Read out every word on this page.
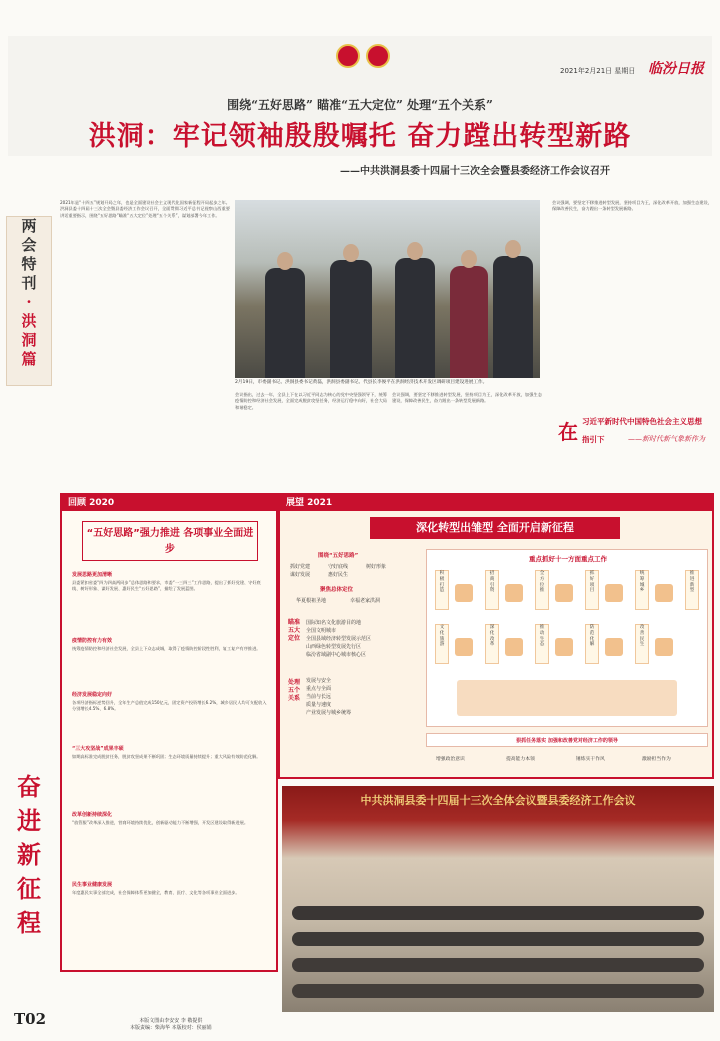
2021年2月21日 星期日 临汾日报
围绕“五好思路” 瞄准“五大定位” 处理“五个关系”
洪洞：牢记领袖殷殷嘱托 奋力蹚出转型新路
——中共洪洞县委十四届十三次全会暨县委经济工作会议召开
两
会
特
刊
·
洪
洞
篇
奋
进
新
征
程
2021年是“十四五”规划开局之年，也是全面建设社会主义现代化国家新征程开局起步之年。洪洞县委十四届十三次全会暨县委经济工作会议召开，全面贯彻习近平总书记视察山西重要讲话重要指示，围绕“五好思路”瞄准“五大定位”处理“五个关系”，谋划部署今年工作。
会议指出，过去一年，全县上下在以习近平同志为核心的党中央坚强领导下，统筹疫情防控和经济社会发展，全面完成脱贫攻坚任务，经济运行稳中向好，社会大局和谐稳定。
会议强调，要坚定不移推进转型发展，坚持项目为王，深化改革开放，加强生态建设，保障改善民生，奋力蹚出一条转型发展新路。
会议强调，要坚定不移推进转型发展，坚持项目为王，深化改革开放，加强生态建设，保障改善民生，奋力蹚出一条转型发展新路。
2月19日，市委副书记、洪洞县委书记黄磊，洪洞县委副书记、代县长李俊平在洪洞经济技术开发区调研项目建设进展工作。
在 习近平新时代中国特色社会主义思想
指引下	——新时代新气象新作为
回顾 2020
“五好思路”强力推进 各项事业全面进步
发展思路更加清晰
县委紧扣省委“四为四高两同步”总体思路和要求，市委“一三四三”工作思路，提出了抓好党建、守好底线、树好形象、谋好发展、惠好民生“五好思路”，描绘了发展蓝图。
疫情防控有力有效
统筹疫情防控和经济社会发展，全县上下众志成城，取得了疫情防控阶段性胜利，复工复产有序推进。
经济发展稳定向好
各项经济指标逆势回升，全年生产总值完成150亿元，固定资产投资增长6.2%，城乡居民人均可支配收入分别增长4.5%、6.8%。
“三大攻坚战”成果丰硕
如期高标准完成脱贫任务，脱贫攻坚成果不断巩固；生态环境质量持续提升；重大风险有效防范化解。
改革创新持续深化
“放管服”改革深入推进，营商环境持续优化，创新驱动能力不断增强，开发区建设取得新进展。
民生事业健康发展
年度惠民实事全部完成，社会保障体系更加健全，教育、医疗、文化等各项事业全面进步。
展望 2021
深化转型出雏型 全面开启新征程
围绕“五好思路”
抓好党建	守好底线	树好形象
谋好发展	惠好民生
聚焦总体定位
华夏根祖圣地	幸福老家洪洞
瞄准 五大定位
国际知名文化旅游目的地
全国文明城市
全国县域经济转型发展示范区
山西绿色转型发展先行区
临汾省域副中心城市核心区
处理 五个关系
发展与安全
重点与全面
当前与长远
质量与速度
产业发展与城乡统筹
重点抓好十一方面重点工作
积
极
打
造
招
商
引
资
全
方
位
推
抓
好
项
目
统
筹
城
乡
推
进
新
型
文
化
旅
游
深
化
改
革
推
动
生
态
防
范
化
解
改
善
民
生
狠抓任务落实 加强和改善党对经济工作的领导
增强政治意识	提高能力本领	锤炼实干作风	激励担当作为
中共洪洞县委十四届十三次全体会议暨县委经济工作会议
T02	本版文图由李安安 李 敬提供
本版责编：柴海华 本版校对：侯丽娟
